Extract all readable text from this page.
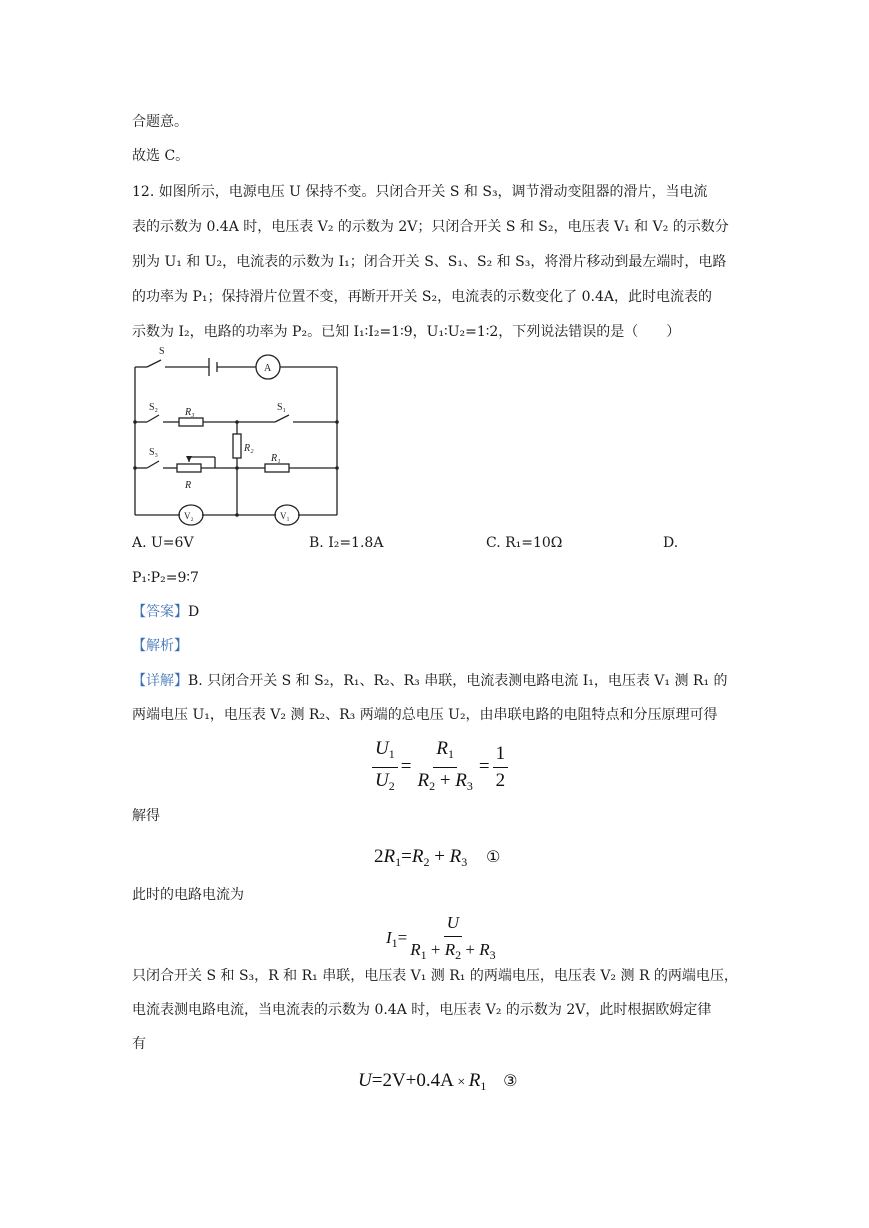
合题意。
故选 C。
12. 如图所示，电源电压 U 保持不变。只闭合开关 S 和 S₃，调节滑动变阻器的滑片，当电流
表的示数为 0.4A 时，电压表 V₂ 的示数为 2V；只闭合开关 S 和 S₂，电压表 V₁ 和 V₂ 的示数分
别为 U₁ 和 U₂，电流表的示数为 I₁；闭合开关 S、S₁、S₂ 和 S₃，将滑片移动到最左端时，电路
的功率为 P₁；保持滑片位置不变，再断开开关 S₂，电流表的示数变化了 0.4A，此时电流表的
示数为 I₂，电路的功率为 P₂。已知 I₁∶I₂=1∶9，U₁∶U₂=1∶2，下列说法错误的是（　　）
S
S₂	S₁
S₃
R₃
R₂
R₁
R
A
V₂	V₁
A. U=6V	B. I₂=1.8A	C. R₁=10Ω	D.
P₁∶P₂=9∶7
【答案】D
【解析】
【详解】B. 只闭合开关 S 和 S₂，R₁、R₂、R₃ 串联，电流表测电路电流 I₁，电压表 V₁ 测 R₁ 的
两端电压 U₁，电压表 V₂ 测 R₂、R₃ 两端的总电压 U₂，由串联电路的电阻特点和分压原理可得
$\frac{U_1}{U_2} = \frac{R_1}{R_2 + R_3} = \frac{1}{2}$
解得
$2R_1=R_2 + R_3$ ①
此时的电路电流为
$I_1= \frac{U}{R_1 + R_2 + R_3}$
只闭合开关 S 和 S₃，R 和 R₁ 串联，电压表 V₁ 测 R₁ 的两端电压，电压表 V₂ 测 R 的两端电压，
电流表测电路电流，当电流表的示数为 0.4A 时，电压表 V₂ 的示数为 2V，此时根据欧姆定律
有
$U=2V+0.4A \times R_1$ ③
